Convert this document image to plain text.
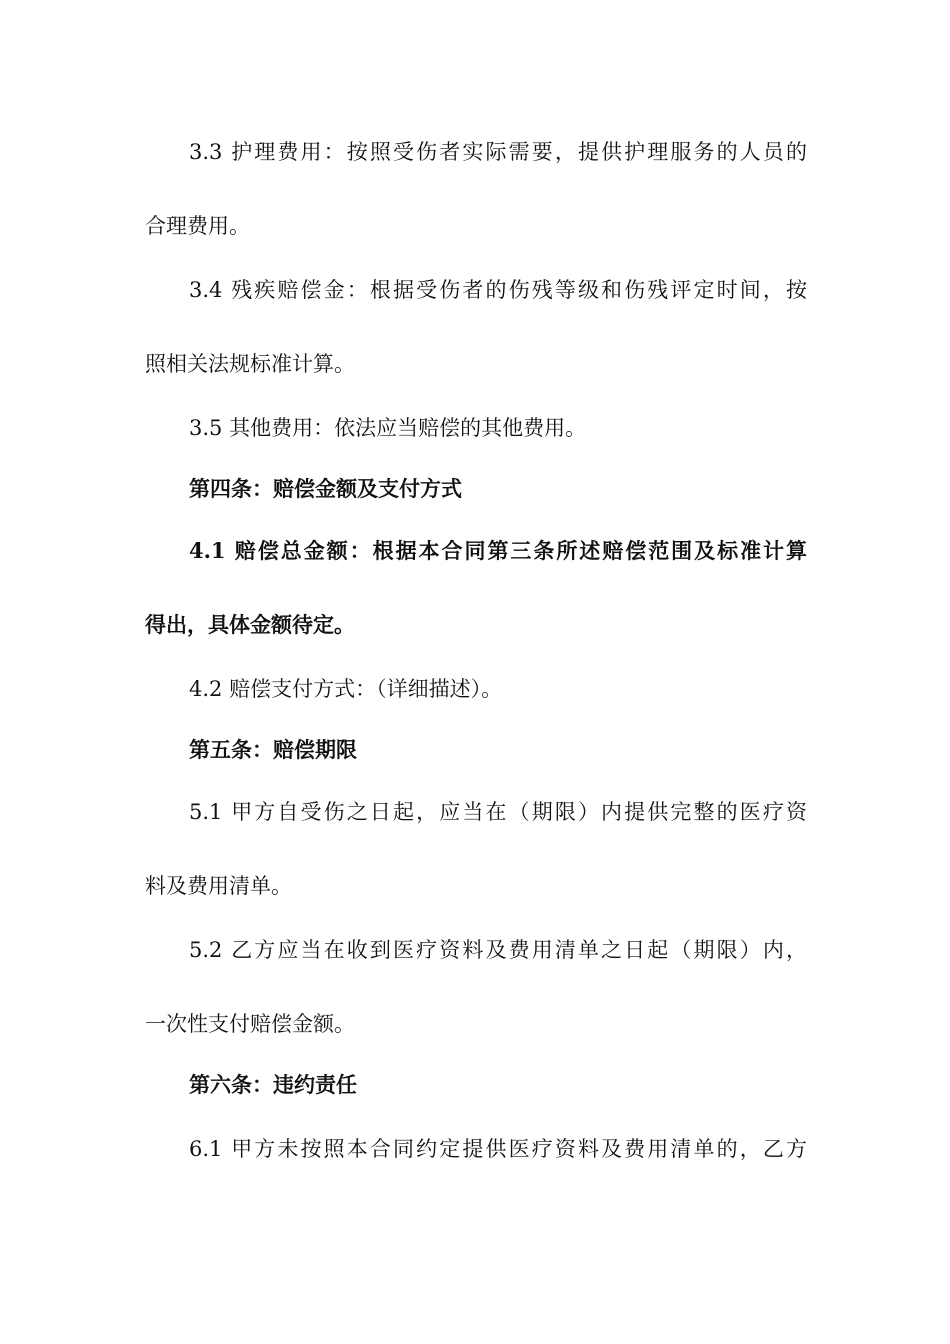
3.3 护理费用：按照受伤者实际需要，提供护理服务的人员的
合理费用。
3.4 残疾赔偿金：根据受伤者的伤残等级和伤残评定时间，按
照相关法规标准计算。
3.5 其他费用：依法应当赔偿的其他费用。
第四条：赔偿金额及支付方式
4.1 赔偿总金额：根据本合同第三条所述赔偿范围及标准计算
得出，具体金额待定。
4.2 赔偿支付方式：（详细描述）。
第五条：赔偿期限
5.1 甲方自受伤之日起，应当在（期限）内提供完整的医疗资
料及费用清单。
5.2 乙方应当在收到医疗资料及费用清单之日起（期限）内，
一次性支付赔偿金额。
第六条：违约责任
6.1 甲方未按照本合同约定提供医疗资料及费用清单的，乙方
